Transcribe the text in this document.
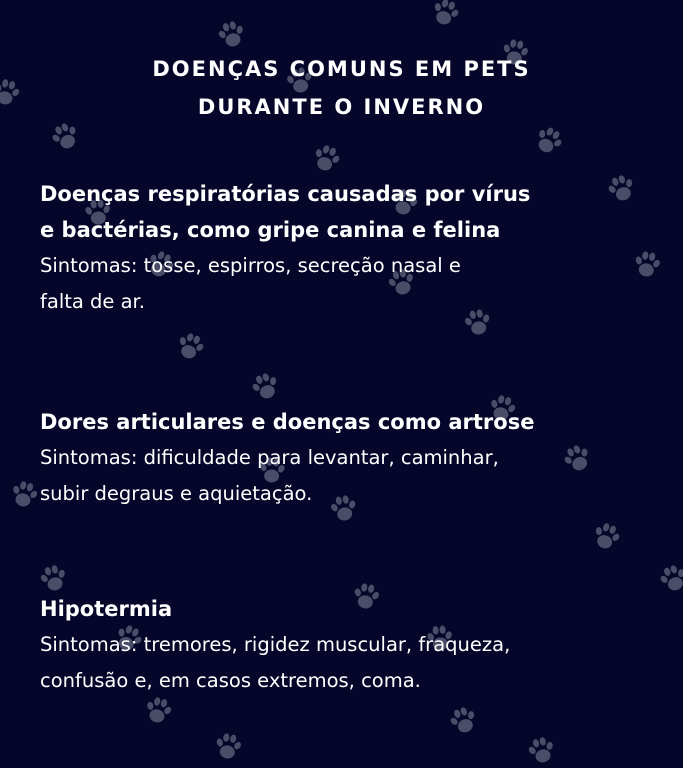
DOENÇAS COMUNS EM PETS
DURANTE O INVERNO
Doenças respiratórias causadas por vírus
e bactérias, como gripe canina e felina
Sintomas: tosse, espirros, secreção nasal e
falta de ar.
Dores articulares e doenças como artrose
Sintomas: dificuldade para levantar, caminhar,
subir degraus e aquietação.
Hipotermia
Sintomas: tremores, rigidez muscular, fraqueza,
confusão e, em casos extremos, coma.
